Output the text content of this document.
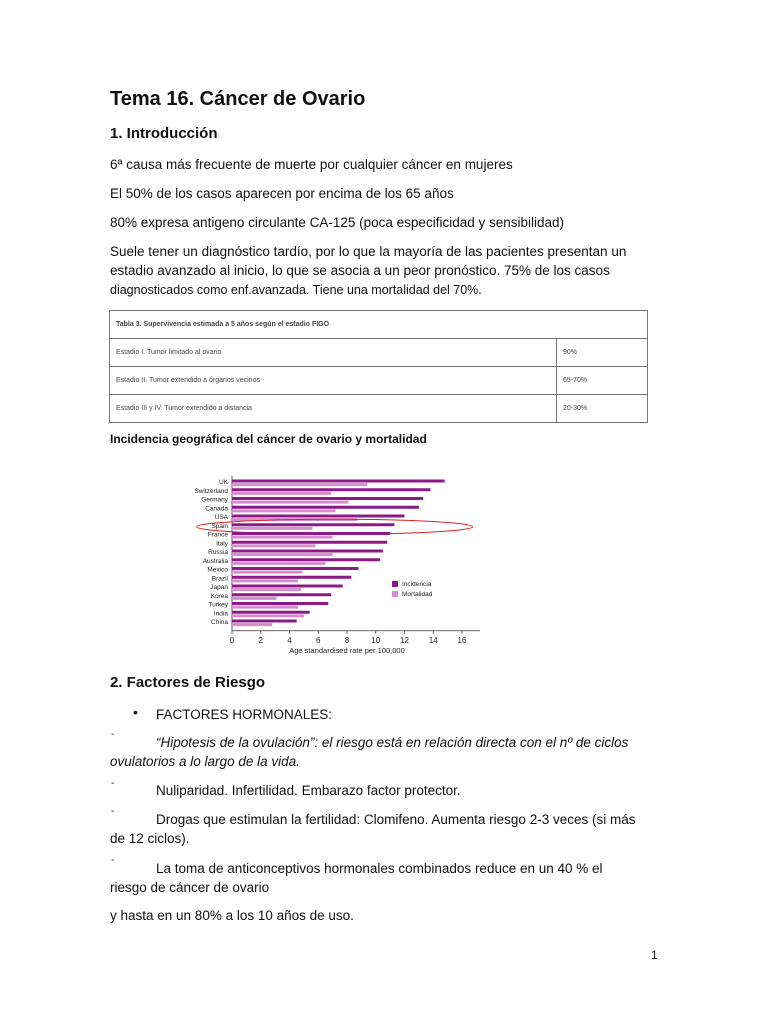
Tema 16. Cáncer de Ovario
1. Introducción
6ª causa más frecuente de muerte por cualquier cáncer en mujeres
El 50% de los casos aparecen por encima de los 65 años
80% expresa antigeno circulante CA-125 (poca especificidad y sensibilidad)
Suele tener un diagnóstico tardío, por lo que la mayoría de las pacientes presentan un
estadio avanzado al inicio, lo que se asocia a un peor pronóstico. 75% de los casos
diagnosticados como enf.avanzada. Tiene una mortalidad del 70%.
Tabla 3. Supervivencia estimada a 5 años según el estadio FIGO	
Estadio I. Tumor limitado al ovario	90%
Estadio II. Tumor extendido a órganos vecinos	65-70%
Estadio III y IV. Tumor extendido a distancia	20-30%
Incidencia geográfica del cáncer de ovario y mortalidad
UK
Switzerland
Germany
Canada
USA
Spain
France
Italy
Russia
Australia
Mexico
Brazil
Japan
Korea
Turkey
India
China
0	2	4	6	8	10 12 14 16
Age standardised rate per 100,000
Incidencia
Mortalidad
2. Factores de Riesgo
• FACTORES HORMONALES:
-
“Hipotesis de la ovulación”: el riesgo está en relación directa con el nº de ciclos
ovulatorios a lo largo de la vida.
-	Nuliparidad. Infertilidad. Embarazo factor protector.
-
Drogas que estimulan la fertilidad: Clomifeno. Aumenta riesgo 2-3 veces (si más
de 12 ciclos).
-
La toma de anticonceptivos hormonales combinados reduce en un 40 % el
riesgo de cáncer de ovario
y hasta en un 80% a los 10 años de uso.
1
